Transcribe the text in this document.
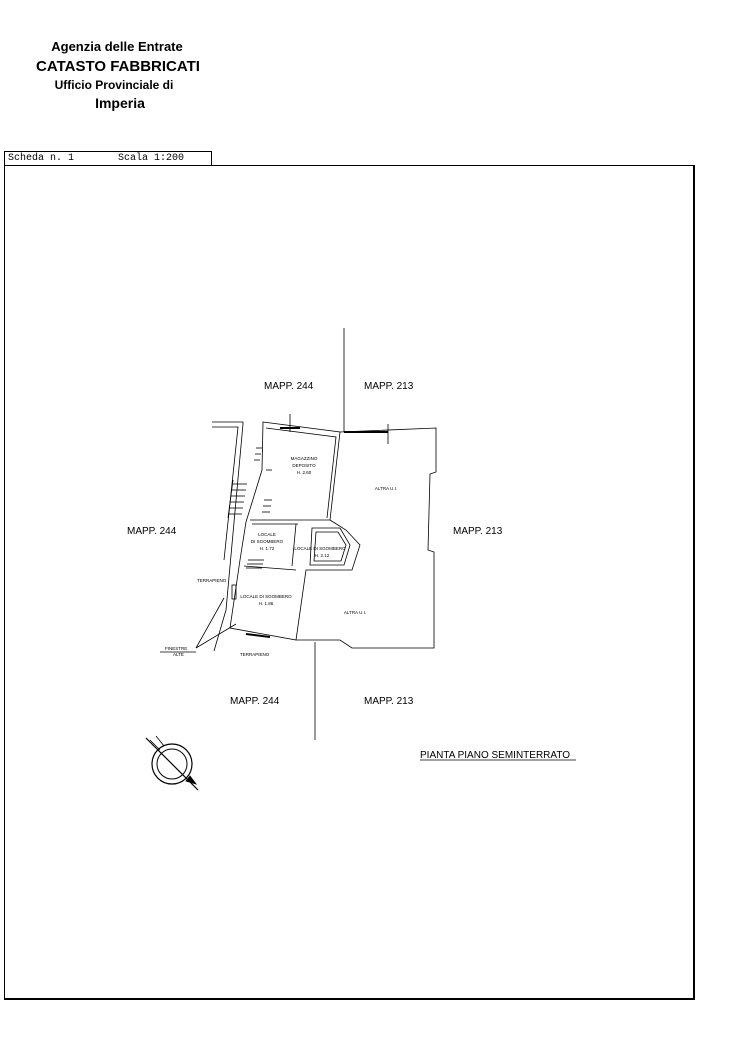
Agenzia delle Entrate
CATASTO FABBRICATI
Ufficio Provinciale di
Imperia
Scheda n. 1	Scala 1:200
MAPP. 244	MAPP. 213
MAPP. 244	MAPP. 213
MAPP. 244	MAPP. 213
MAGAZZINO
DEPOSITO
H. 2.60
LOCALE
DI SGOMBERO
H. 1.72	LOCALE DI SGOMBERO
H. 2.12
LOCALE DI SGOMBERO
H. 1.86
ALTRA U.I.
ALTRA U.I.
TERRAPIENO
TERRAPIENO
FINESTRE
ALTE
PIANTA PIANO SEMINTERRATO
